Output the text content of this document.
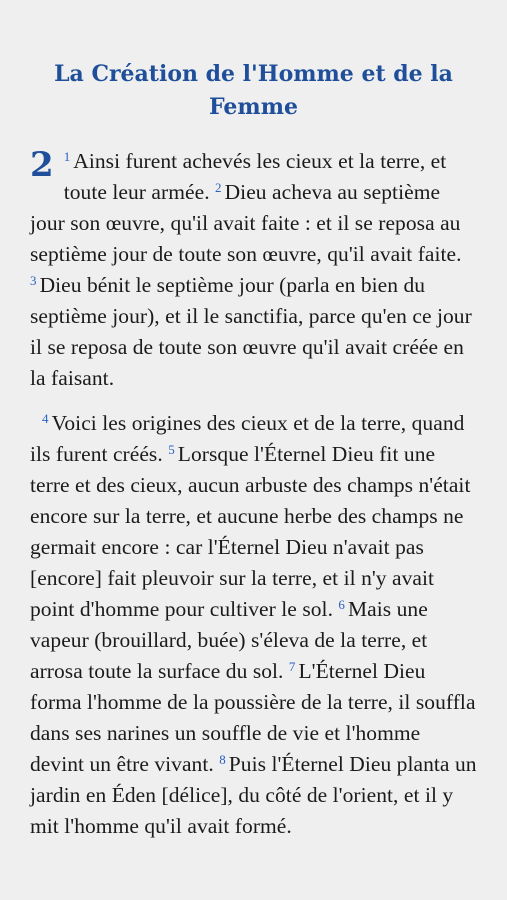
La Création de l'Homme et de la Femme

2 $^1$ Ainsi furent achevés les cieux et la terre, et toute leur armée. $^2$ Dieu acheva au septième jour son œuvre, qu'il avait faite : et il se reposa au septième jour de toute son œuvre, qu'il avait faite. $^3$ Dieu bénit le septième jour (parla en bien du septième jour), et il le sanctifia, parce qu'en ce jour il se reposa de toute son œuvre qu'il avait créée en la faisant.

$^4$ Voici les origines des cieux et de la terre, quand ils furent créés. $^5$ Lorsque l'Éternel Dieu fit une terre et des cieux, aucun arbuste des champs n'était encore sur la terre, et aucune herbe des champs ne germait encore : car l'Éternel Dieu n'avait pas [encore] fait pleuvoir sur la terre, et il n'y avait point d'homme pour cultiver le sol. $^6$ Mais une vapeur (brouillard, buée) s'éleva de la terre, et arrosa toute la surface du sol. $^7$ L'Éternel Dieu forma l'homme de la poussière de la terre, il souffla dans ses narines un souffle de vie et l'homme devint un être vivant. $^8$ Puis l'Éternel Dieu planta un jardin en Éden [délice], du côté de l'orient, et il y mit l'homme qu'il avait formé.
